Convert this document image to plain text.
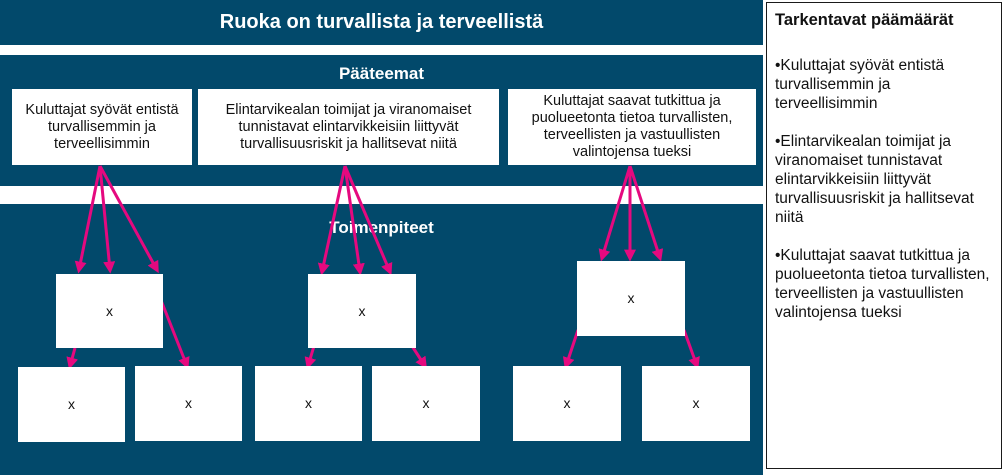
Ruoka on turvallista ja terveellistä
Pääteemat
Toimenpiteet
Kuluttajat syövät entistä turvallisemmin ja terveellisimmin
Elintarvikealan toimijat ja viranomaiset tunnistavat elintarvikkeisiin liittyvät turvallisuusriskit ja hallitsevat niitä
Kuluttajat saavat tutkittua ja puolueetonta tietoa turvallisten, terveellisten ja vastuullisten valintojensa tueksi
x
x	x
x
x	x
x
x	x
Tarkentavat päämäärät
•Kuluttajat syövät entistä turvallisemmin ja terveellisimmin
•Elintarvikealan toimijat ja viranomaiset tunnistavat elintarvikkeisiin liittyvät turvallisuusriskit ja hallitsevat niitä
•Kuluttajat saavat tutkittua ja puolueetonta tietoa turvallisten, terveellisten ja vastuullisten valintojensa tueksi
